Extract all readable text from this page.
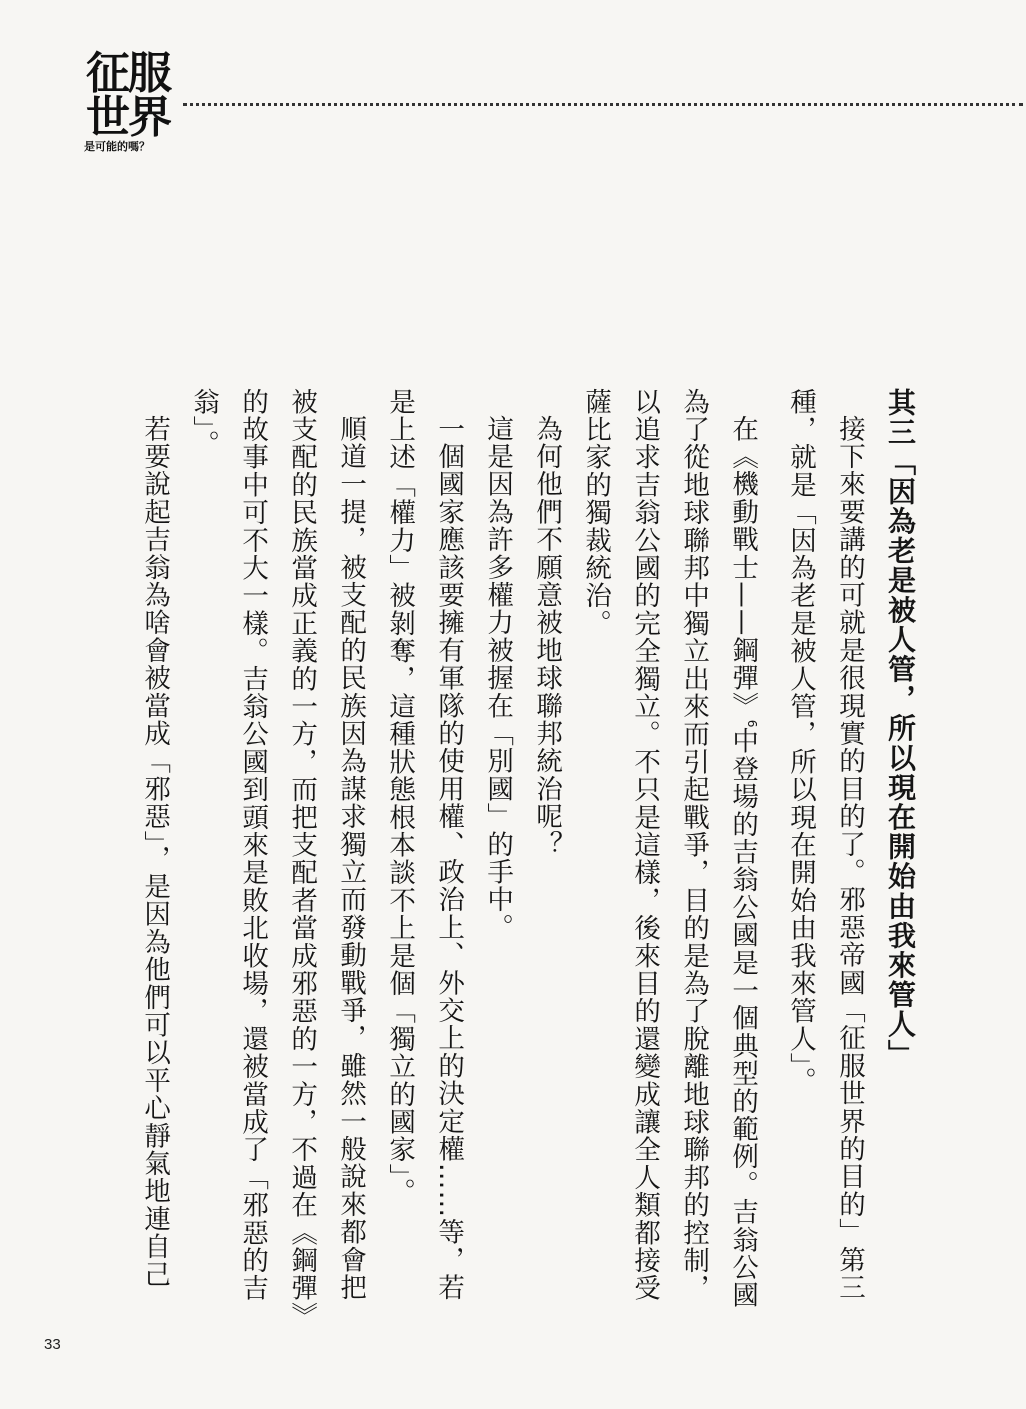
征服
世界
是可能的嗎？

其三「因為老是被人管，所以現在開始由我來管人」

接下來要講的可就是很現實的目的了。邪惡帝國「征服世界的目的」第三種，就是「因為老是被人管，所以現在開始由我來管人」。

在《機動戰士——鋼彈》$^6$中登場的吉翁公國是一個典型的範例。吉翁公國為了從地球聯邦中獨立出來而引起戰爭，目的是為了脫離地球聯邦的控制，以追求吉翁公國的完全獨立。不只是這樣，後來目的還變成讓全人類都接受薩比家的獨裁統治。

為何他們不願意被地球聯邦統治呢？

這是因為許多權力被握在「別國」的手中。

一個國家應該要擁有軍隊的使用權、政治上、外交上的決定權……等，若是上述「權力」被剝奪，這種狀態根本談不上是個「獨立的國家」。

順道一提，被支配的民族因為謀求獨立而發動戰爭，雖然一般說來都會把被支配的民族當成正義的一方，而把支配者當成邪惡的一方，不過在《鋼彈》的故事中可不大一樣。吉翁公國到頭來是敗北收場，還被當成了「邪惡的吉翁」。

若要說起吉翁為啥會被當成「邪惡」，是因為他們可以平心靜氣地連自己

33
